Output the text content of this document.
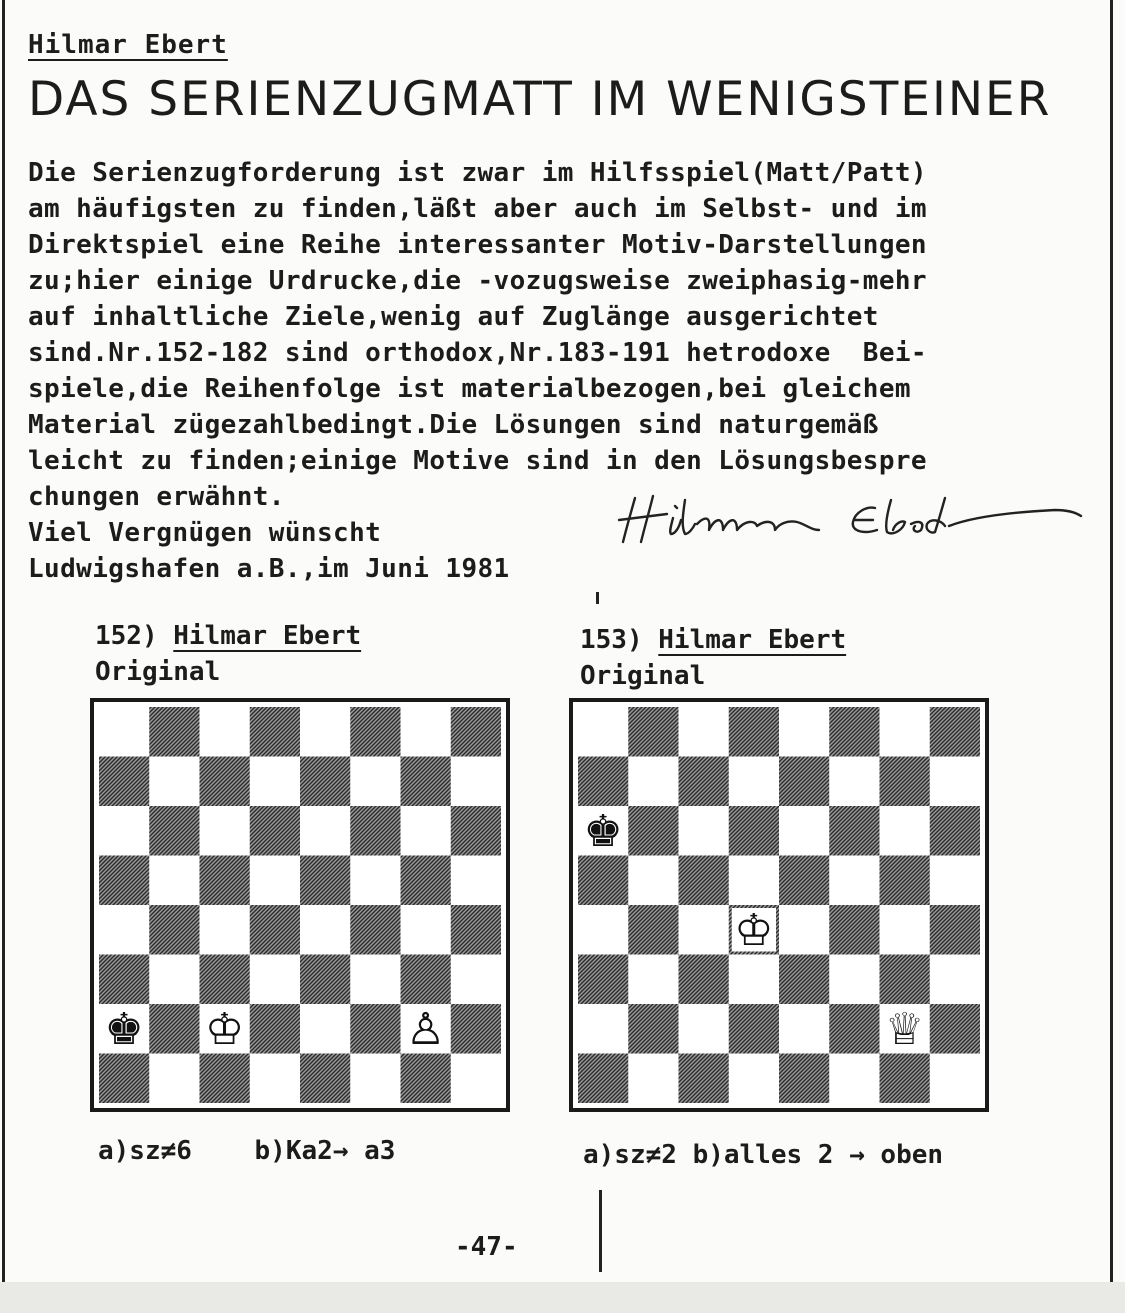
Hilmar Ebert
DAS SERIENZUGMATT IM WENIGSTEINER
Die Serienzugforderung ist zwar im Hilfsspiel(Matt/Patt)
am häufigsten zu finden,läßt aber auch im Selbst- und im
Direktspiel eine Reihe interessanter Motiv-Darstellungen
zu;hier einige Urdrucke,die -vozugsweise zweiphasig-mehr
auf inhaltliche Ziele,wenig auf Zuglänge ausgerichtet
sind.Nr.152-182 sind orthodox,Nr.183-191 hetrodoxe  Bei-
spiele,die Reihenfolge ist materialbezogen,bei gleichem
Material zügezahlbedingt.Die Lösungen sind naturgemäß
leicht zu finden;einige Motive sind in den Lösungsbespre
chungen erwähnt.
Viel Vergnügen wünscht
Ludwigshafen a.B.,im Juni 1981
152) Hilmar Ebert
Original
♚ ♔	♙
a)sz≠6    b)Ka2→ a3
153) Hilmar Ebert
Original
♚
♔
♕
a)sz≠2 b)alles 2 → oben
-47-
